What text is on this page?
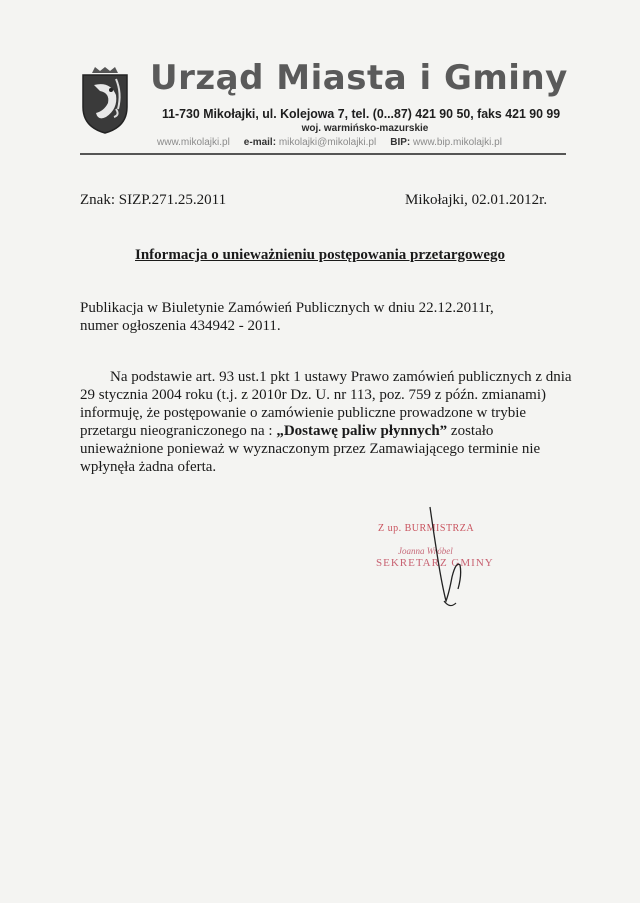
Urząd Miasta i Gminy
11-730 Mikołajki, ul. Kolejowa 7, tel. (0...87) 421 90 50, faks 421 90 99
woj. warmińsko-mazurskie
www.mikolajki.pl e-mail: mikolajki@mikolajki.pl BIP: www.bip.mikolajki.pl
Znak: SIZP.271.25.2011	Mikołajki, 02.01.2012r.
Informacja o unieważnieniu postępowania przetargowego
Publikacja w Biuletynie Zamówień Publicznych w dniu 22.12.2011r,
numer ogłoszenia 434942 - 2011.
Na podstawie art. 93 ust.1 pkt 1 ustawy Prawo zamówień publicznych z dnia 29 stycznia 2004 roku (t.j. z 2010r Dz. U. nr 113, poz. 759 z późn. zmianami) informuję, że postępowanie o zamówienie publiczne prowadzone w trybie przetargu nieograniczonego na : „Dostawę paliw płynnych” zostało unieważnione ponieważ w wyznaczonym przez Zamawiającego terminie nie wpłynęła żadna oferta.
Z up. BURMISTRZA
Joanna Wróbel
SEKRETARZ GMINY
